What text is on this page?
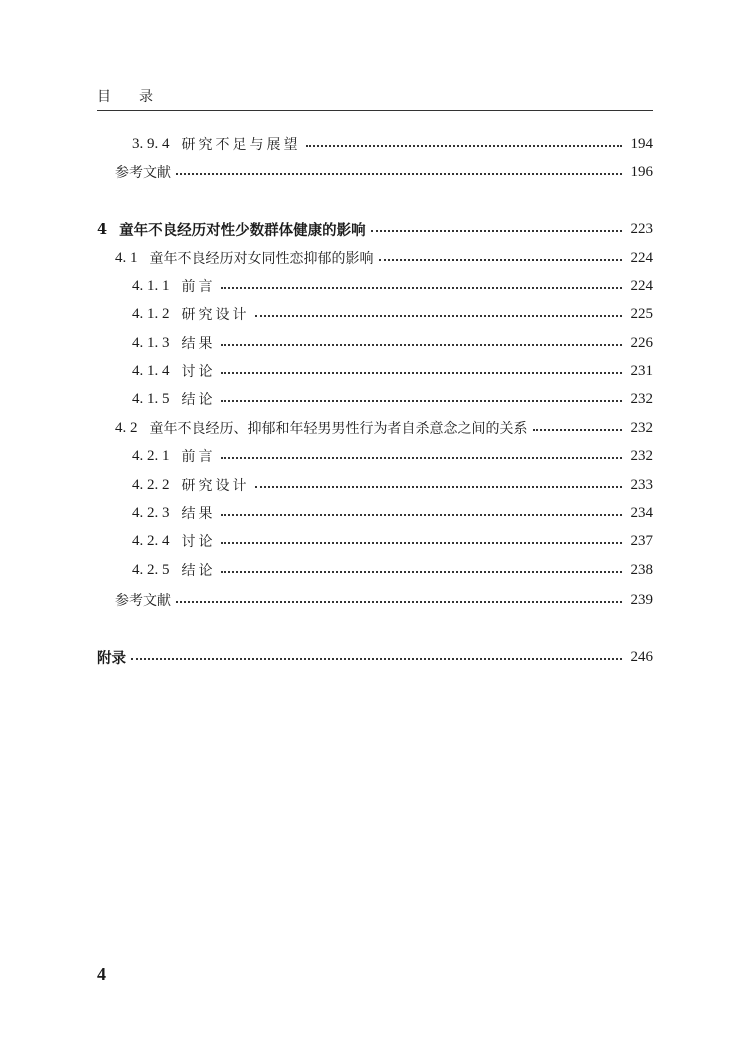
目　　录
3. 9. 4 研究不足与展望	194
参考文献	196
4 童年不良经历对性少数群体健康的影响	223
4. 1 童年不良经历对女同性恋抑郁的影响	224
4. 1. 1 前言	224
4. 1. 2 研究设计	225
4. 1. 3 结果	226
4. 1. 4 讨论	231
4. 1. 5 结论	232
4. 2 童年不良经历、抑郁和年轻男男性行为者自杀意念之间的关系	232
4. 2. 1 前言	232
4. 2. 2 研究设计	233
4. 2. 3 结果	234
4. 2. 4 讨论	237
4. 2. 5 结论	238
参考文献	239
附录	246
4
